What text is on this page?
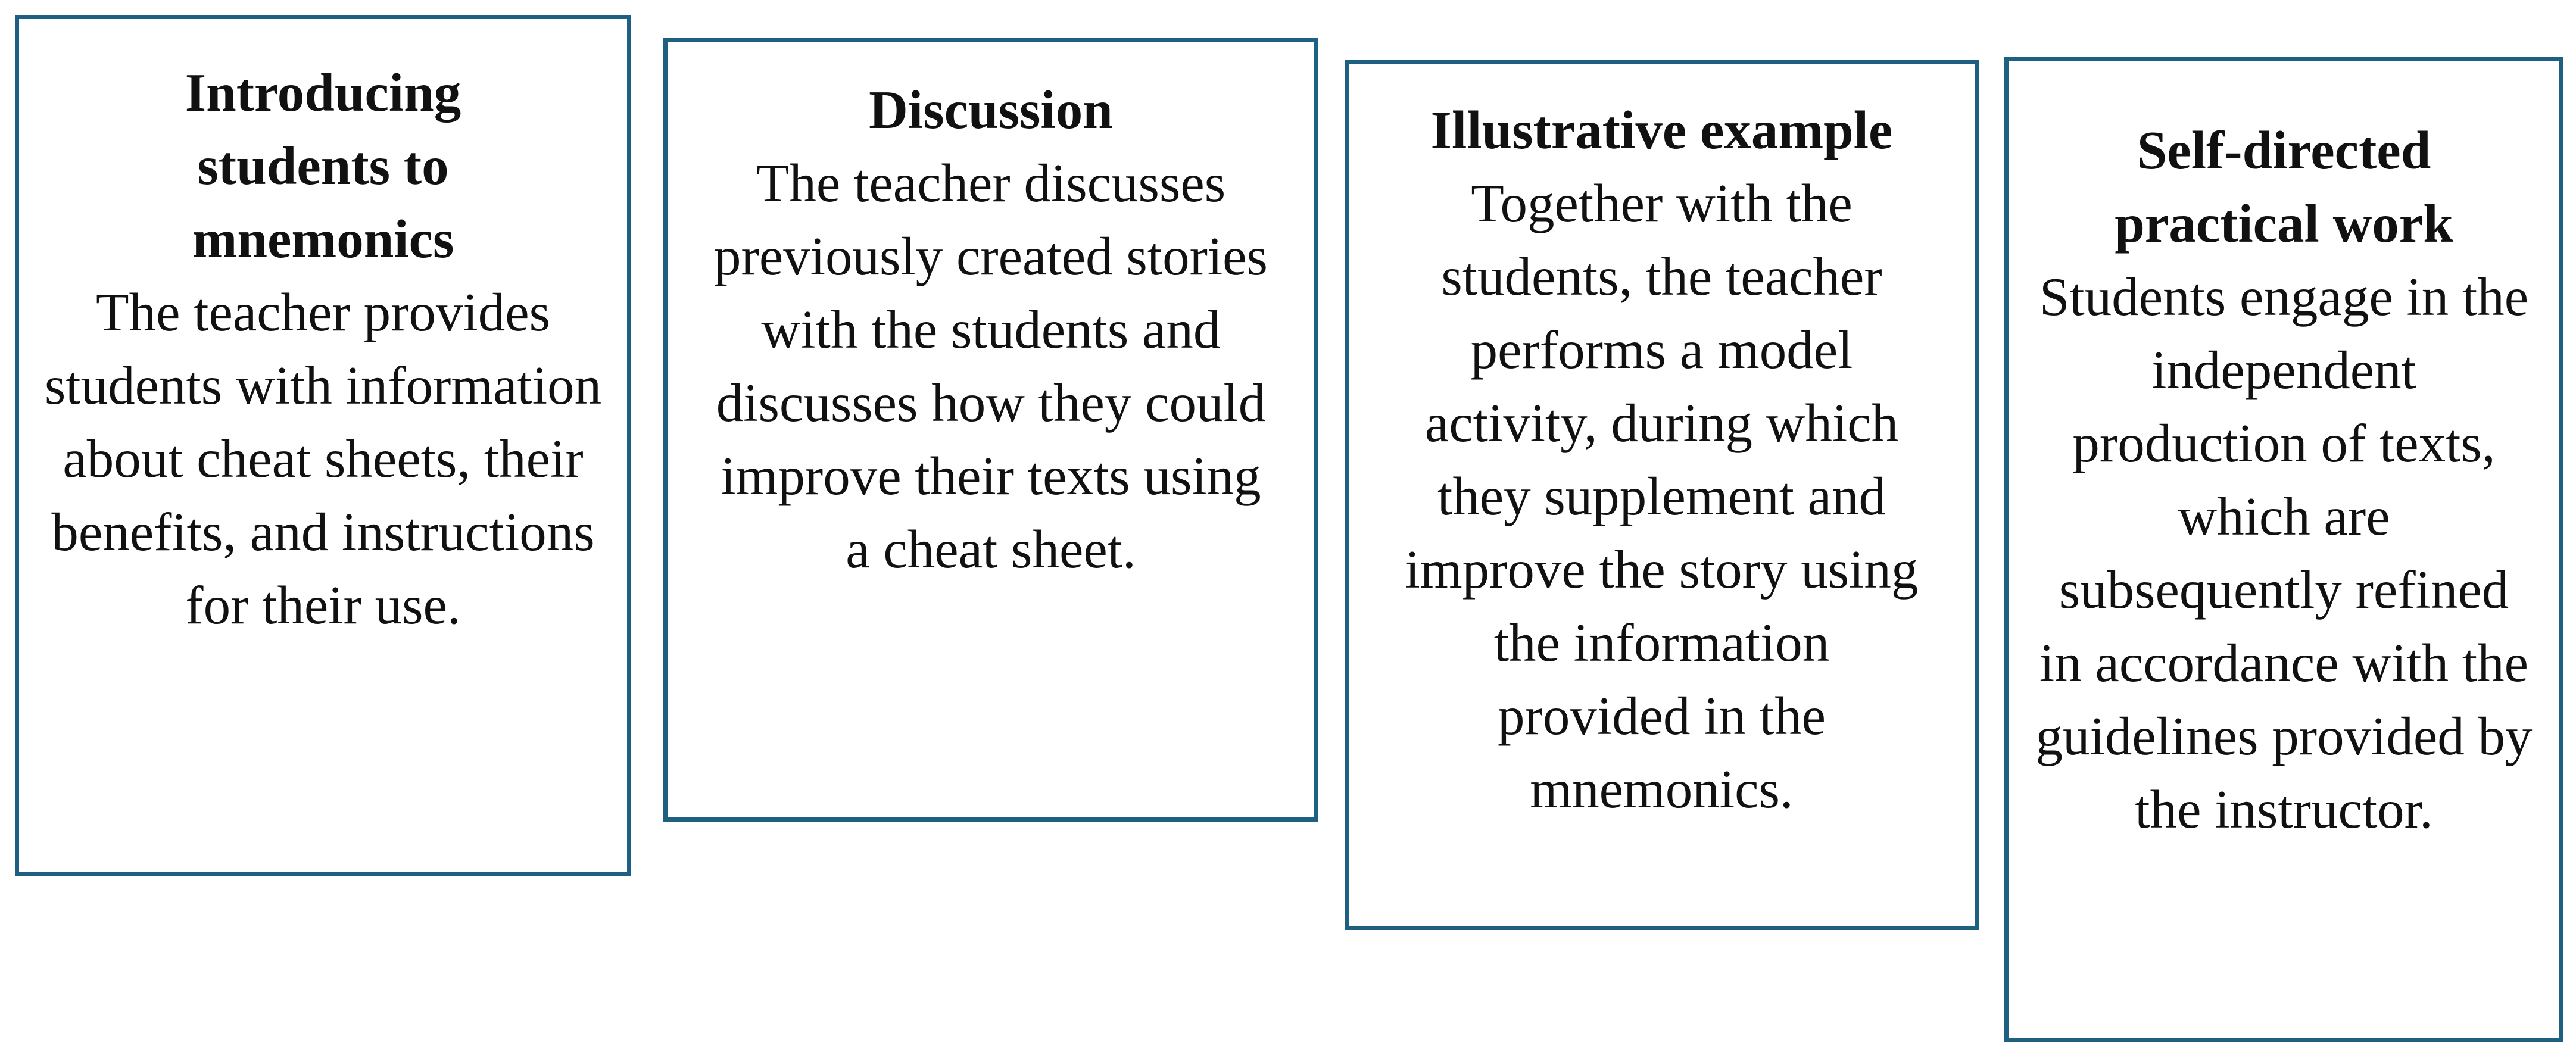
Introducing students to mnemonics

The teacher provides students with information about cheat sheets, their benefits, and instructions for their use.

Discussion

The teacher discusses previously created stories with the students and discusses how they could improve their texts using a cheat sheet.

Illustrative example

Together with the students, the teacher performs a model activity, during which they supplement and improve the story using the information provided in the mnemonics.

Self-directed practical work

Students engage in the independent production of texts, which are subsequently refined in accordance with the guidelines provided by the instructor.
